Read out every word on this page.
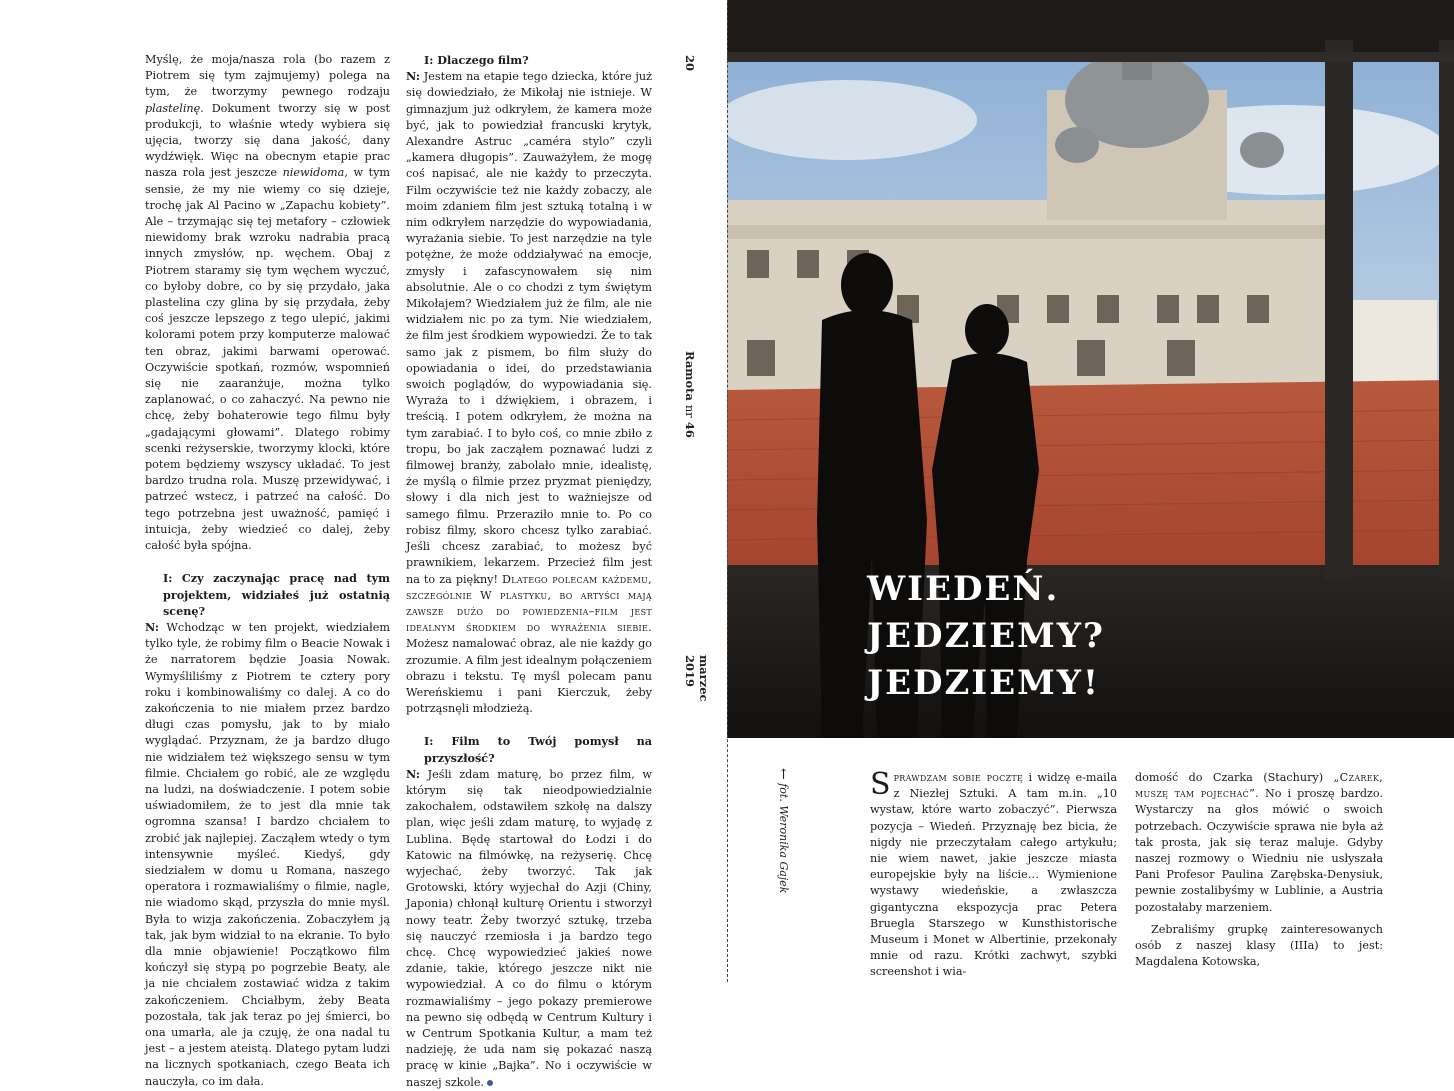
WIEDEŃ.
JEDZIEMY?
JEDZIEMY!

Myślę, że moja/nasza rola (bo razem z Piotrem się tym zajmujemy) polega na tym, że tworzymy pewnego rodzaju plastelinę. Dokument tworzy się w post produkcji, to właśnie wtedy wybiera się ujęcia, tworzy się dana jakość, dany wydźwięk. Więc na obecnym etapie prac nasza rola jest jeszcze niewidoma, w tym sensie, że my nie wiemy co się dzieje, trochę jak Al Pacino w „Zapachu kobiety”. Ale – trzymając się tej metafory – człowiek niewidomy brak wzroku nadrabia pracą innych zmysłów, np. węchem. Obaj z Piotrem staramy się tym węchem wyczuć, co byłoby dobre, co by się przydało, jaka plastelina czy glina by się przydała, żeby coś jeszcze lepszego z tego ulepić, jakimi kolorami potem przy komputerze malować ten obraz, jakimi barwami operować. Oczywiście spotkań, rozmów, wspomnień się nie zaaranżuje, można tylko zaplanować, o co zahaczyć. Na pewno nie chcę, żeby bohaterowie tego filmu były „gadającymi głowami”. Dlatego robimy scenki reżyserskie, tworzymy klocki, które potem będziemy wszyscy układać. To jest bardzo trudna rola. Muszę przewidywać, i patrzeć wstecz, i patrzeć na całość. Do tego potrzebna jest uważność, pamięć i intuicja, żeby wiedzieć co dalej, żeby całość była spójna.

I: Czy zaczynając pracę nad tym projektem, widziałeś już ostatnią scenę?

N: Wchodząc w ten projekt, wiedziałem tylko tyle, że robimy film o Beacie Nowak i że narratorem będzie Joasia Nowak. Wymyśliliśmy z Piotrem te cztery pory roku i kombinowaliśmy co dalej. A co do zakończenia to nie miałem przez bardzo długi czas pomysłu, jak to by miało wyglądać. Przyznam, że ja bardzo długo nie widziałem też większego sensu w tym filmie. Chciałem go robić, ale ze względu na ludzi, na doświadczenie. I potem sobie uświadomiłem, że to jest dla mnie tak ogromna szansa! I bardzo chciałem to zrobić jak najlepiej. Zacząłem wtedy o tym intensywnie myśleć. Kiedyś, gdy siedziałem w domu u Romana, naszego operatora i rozmawialiśmy o filmie, nagle, nie wiadomo skąd, przyszła do mnie myśl. Była to wizja zakończenia. Zobaczyłem ją tak, jak bym widział to na ekranie. To było dla mnie objawienie! Początkowo film kończył się stypą po pogrzebie Beaty, ale ja nie chciałem zostawiać widza z takim zakończeniem. Chciałbym, żeby Beata pozostała, tak jak teraz po jej śmierci, bo ona umarła, ale ja czuję, że ona nadal tu jest – a jestem ateistą. Dlatego pytam ludzi na licznych spotkaniach, czego Beata ich nauczyła, co im dała.

I: Dlaczego film?

N: Jestem na etapie tego dziecka, które już się dowiedziało, że Mikołaj nie istnieje. W gimnazjum już odkryłem, że kamera może być, jak to powiedział francuski krytyk, Alexandre Astruc „caméra stylo” czyli „kamera długopis”. Zauważyłem, że mogę coś napisać, ale nie każdy to przeczyta. Film oczywiście też nie każdy zobaczy, ale moim zdaniem film jest sztuką totalną i w nim odkryłem narzędzie do wypowiadania, wyrażania siebie. To jest narzędzie na tyle potężne, że może oddziaływać na emocje, zmysły i zafascynowałem się nim absolutnie. Ale o co chodzi z tym świętym Mikołajem? Wiedziałem już że film, ale nie widziałem nic po za tym. Nie wiedziałem, że film jest środkiem wypowiedzi. Że to tak samo jak z pismem, bo film służy do opowiadania o idei, do przedstawiania swoich poglądów, do wypowiadania się. Wyraża to i dźwiękiem, i obrazem, i treścią. I potem odkryłem, że można na tym zarabiać. I to było coś, co mnie zbiło z tropu, bo jak zacząłem poznawać ludzi z filmowej branży, zabolało mnie, idealistę, że myślą o filmie przez pryzmat pieniędzy, słowy i dla nich jest to ważniejsze od samego filmu. Przeraziło mnie to. Po co robisz filmy, skoro chcesz tylko zarabiać. Jeśli chcesz zarabiać, to możesz być prawnikiem, lekarzem. Przecież film jest na to za piękny! Dlatego polecam każdemu, szczególnie W plastyku, bo artyści mają zawsze dużo do powiedzenia–film jest idealnym środkiem do wyrażenia siebie. Możesz namalować obraz, ale nie każdy go zrozumie. A film jest idealnym połączeniem obrazu i tekstu. Tę myśl polecam panu Wereńskiemu i pani Kierczuk, żeby potrząsnęli młodzieżą.

I: Film to Twój pomysł na przyszłość?

N: Jeśli zdam maturę, bo przez film, w którym się tak nieodpowiedzialnie zakochałem, odstawiłem szkołę na dalszy plan, więc jeśli zdam maturę, to wyjadę z Lublina. Będę startował do Łodzi i do Katowic na filmówkę, na reżyserię. Chcę wyjechać, żeby tworzyć. Tak jak Grotowski, który wyjechał do Azji (Chiny, Japonia) chłonął kulturę Orientu i stworzył nowy teatr. Żeby tworzyć sztukę, trzeba się nauczyć rzemiosła i ja bardzo tego chcę. Chcę wypowiedzieć jakieś nowe zdanie, takie, którego jeszcze nikt nie wypowiedział. A co do filmu o którym rozmawialiśmy – jego pokazy premierowe na pewno się odbędą w Centrum Kultury i w Centrum Spotkania Kultur, a mam też nadzieję, że uda nam się pokazać naszą pracę w kinie „Bajka”. No i oczywiście w naszej szkole.

20
Ramota nr 46
marzec 2019
← fot. Weronika Gajek	Sprawdzam sobie pocztę i widzę e-maila z Niezłej Sztuki. A tam m.in. „10 wystaw, które warto zobaczyć”. Pierwsza pozycja – Wiedeń. Przyznaję bez bicia, że nigdy nie przeczytałam całego artykułu; nie wiem nawet, jakie jeszcze miasta europejskie były na liście… Wymienione wystawy wiedeńskie, a zwłaszcza gigantyczna ekspozycja prac Petera Bruegla Starszego w Kunsthistorische Museum i Monet w Albertinie, przekonały mnie od razu. Krótki zachwyt, szybki screenshot i wia-

domość do Czarka (Stachury) „Czarek, muszę tam pojechać”. No i proszę bardzo. Wystarczy na głos mówić o swoich potrzebach. Oczywiście sprawa nie była aż tak prosta, jak się teraz maluje. Gdyby naszej rozmowy o Wiedniu nie usłyszała Pani Profesor Paulina Zarębska-Denysiuk, pewnie zostalibyśmy w Lublinie, a Austria pozostałaby marzeniem.

Zebraliśmy grupkę zainteresowanych osób z naszej klasy (IIIa) to jest: Magdalena Kotowska,
